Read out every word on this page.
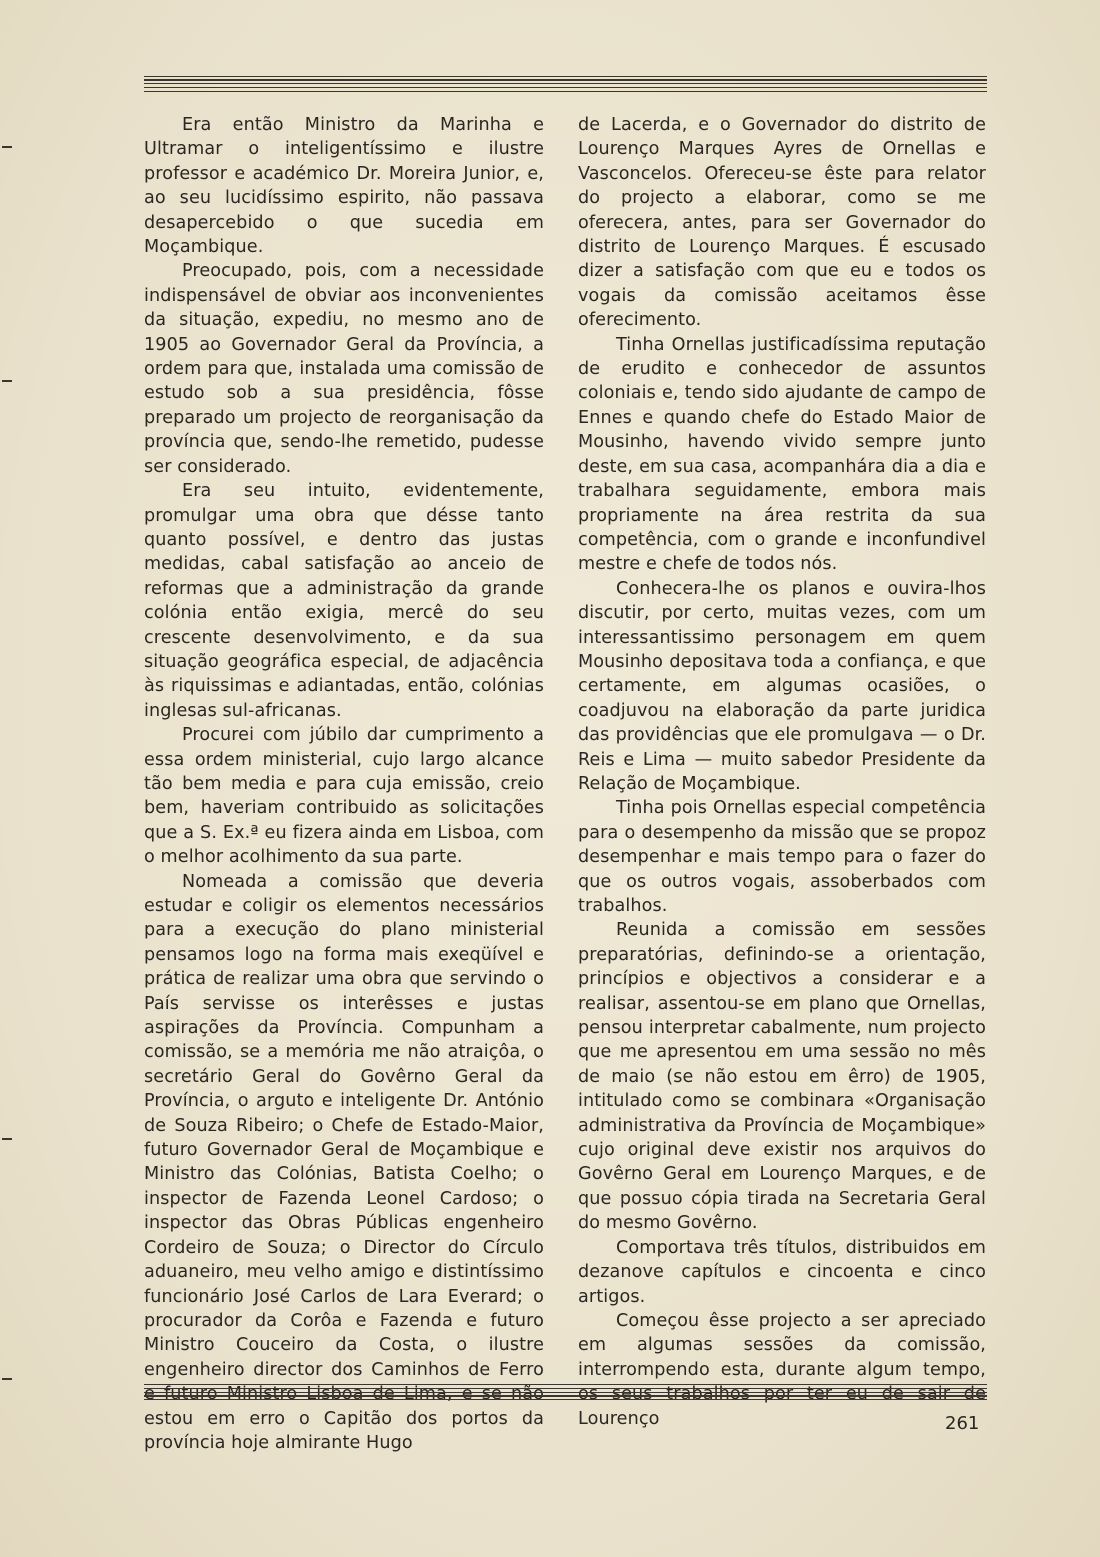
Era então Ministro da Marinha e Ultramar o inteligentíssimo e ilustre professor e académico Dr. Moreira Junior, e, ao seu lucidíssimo espirito, não passava desapercebido o que sucedia em Moçambique.

Preocupado, pois, com a necessidade indispensável de obviar aos inconvenientes da situação, expediu, no mesmo ano de 1905 ao Governador Geral da Província, a ordem para que, instalada uma comissão de estudo sob a sua presidência, fôsse preparado um projecto de reorganisação da província que, sendo-lhe remetido, pudesse ser considerado.

Era seu intuito, evidentemente, promulgar uma obra que désse tanto quanto possível, e dentro das justas medidas, cabal satisfação ao anceio de reformas que a administração da grande colónia então exigia, mercê do seu crescente desenvolvimento, e da sua situação geográfica especial, de adjacência às riquissimas e adiantadas, então, colónias inglesas sul-africanas.

Procurei com júbilo dar cumprimento a essa ordem ministerial, cujo largo alcance tão bem media e para cuja emissão, creio bem, haveriam contribuido as solicitações que a S. Ex.ª eu fizera ainda em Lisboa, com o melhor acolhimento da sua parte.

Nomeada a comissão que deveria estudar e coligir os elementos necessários para a execução do plano ministerial pensamos logo na forma mais exeqüível e prática de realizar uma obra que servindo o País servisse os interêsses e justas aspirações da Província. Compunham a comissão, se a memória me não atraiçôa, o secretário Geral do Govêrno Geral da Província, o arguto e inteligente Dr. António de Souza Ribeiro; o Chefe de Estado-Maior, futuro Governador Geral de Moçambique e Ministro das Colónias, Batista Coelho; o inspector de Fazenda Leonel Cardoso; o inspector das Obras Públicas engenheiro Cordeiro de Souza; o Director do Círculo aduaneiro, meu velho amigo e distintíssimo funcionário José Carlos de Lara Everard; o procurador da Corôa e Fazenda e futuro Ministro Couceiro da Costa, o ilustre engenheiro director dos Caminhos de Ferro estou em erro o Capitão dos portos da província hoje almirante Hugo

de Lacerda, e o Governador do distrito de Lourenço Marques Ayres de Ornellas e Vasconcelos. Ofereceu-se êste para relator do projecto a elaborar, como se me oferecera, antes, para ser Governador do distrito de Lourenço Marques. É escusado dizer a satisfação com que eu e todos os vogais da comissão aceitamos êsse oferecimento.

Tinha Ornellas justificadíssima reputação de erudito e conhecedor de assuntos coloniais e, tendo sido ajudante de campo de Ennes e quando chefe do Estado Maior de Mousinho, havendo vivido sempre junto deste, em sua casa, acompanhára dia a dia e trabalhara seguidamente, embora mais propriamente na área restrita da sua competência, com o grande e inconfundivel mestre e chefe de todos nós.

Conhecera-lhe os planos e ouvira-lhos discutir, por certo, muitas vezes, com um interessantissimo personagem em quem Mousinho depositava toda a confiança, e que certamente, em algumas ocasiões, o coadjuvou na elaboração da parte juridica das providências que ele promulgava — o Dr. Reis e Lima — muito sabedor Presidente da Relação de Moçambique.

Tinha pois Ornellas especial competência para o desempenho da missão que se propoz desempenhar e mais tempo para o fazer do que os outros vogais, assoberbados com trabalhos.

Reunida a comissão em sessões preparatórias, definindo-se a orientação, princípios e objectivos a considerar e a realisar, assentou-se em plano que Ornellas, pensou interpretar cabalmente, num projecto que me apresentou em uma sessão no mês de maio (se não estou em êrro) de 1905, intitulado como se combinara «Organisação administrativa da Província de Moçambique» cujo original deve existir nos arquivos do Govêrno Geral em Lourenço Marques, e de que possuo cópia tirada na Secretaria Geral do mesmo Govêrno.

Comportava três títulos, distribuidos em dezanove capítulos e cincoenta e cinco artigos.

Começou êsse projecto a ser apreciado em algumas sessões da comissão, interrompendo esta, durante algum tempo, Lourenço	261
